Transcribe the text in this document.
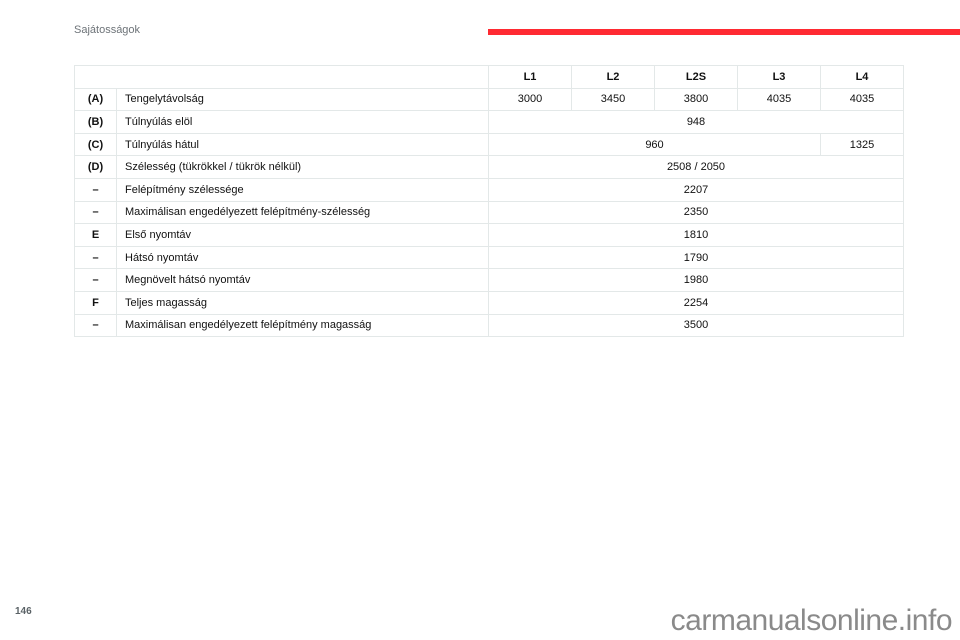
Sajátosságok
		L1	L2	L2S	L3	L4
(A)	Tengelytávolság	3000	3450	3800	4035	4035
(B)	Túlnyúlás elöl	948				
(C)	Túlnyúlás hátul	960				1325
(D)	Szélesség (tükrökkel / tükrök nélkül)	2508 / 2050				
–	Felépítmény szélessége	2207				
–	Maximálisan engedélyezett felépítmény-szélesség	2350				
E	Első nyomtáv	1810				
–	Hátsó nyomtáv	1790				
–	Megnövelt hátsó nyomtáv	1980				
F	Teljes magasság	2254				
–	Maximálisan engedélyezett felépítmény magasság	3500				
146	carmanualsonline.info
